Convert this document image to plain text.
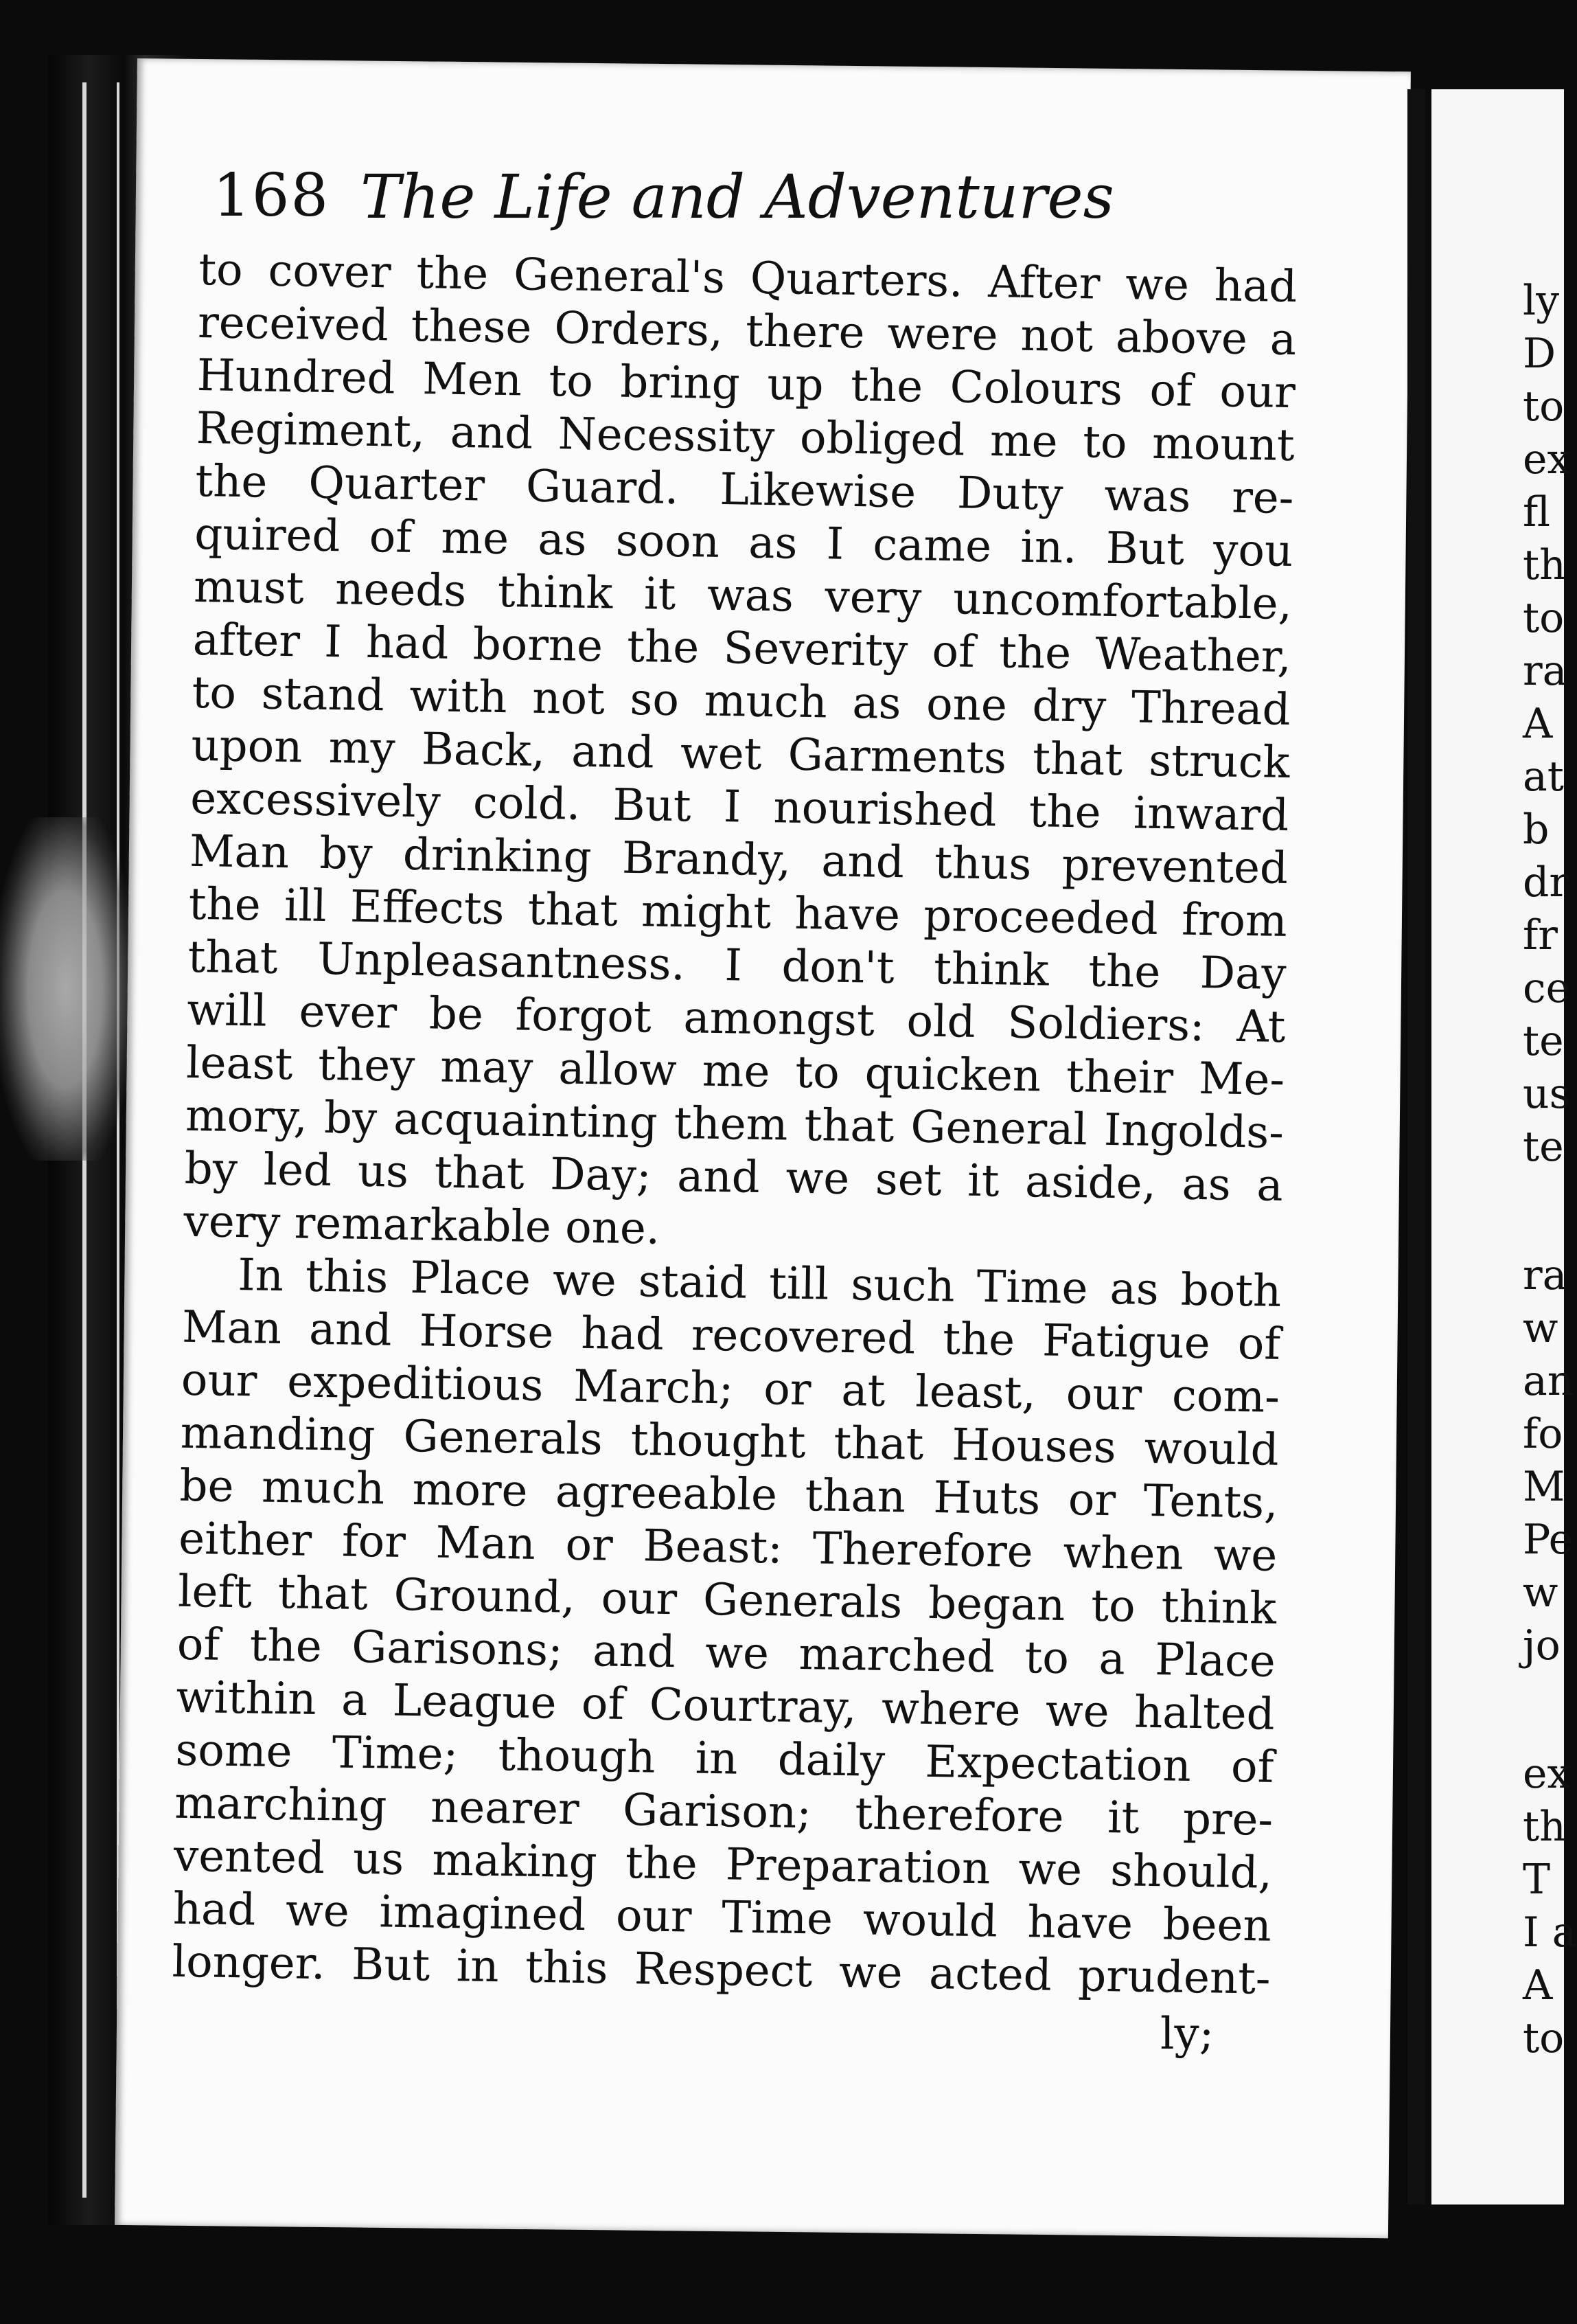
168 The Life and Adventures
to cover the General's Quarters. After we had
received these Orders, there were not above a
Hundred Men to bring up the Colours of our
Regiment, and Necessity obliged me to mount
the Quarter Guard. Likewise Duty was re-
quired of me as soon as I came in. But you
must needs think it was very uncomfortable,
after I had borne the Severity of the Weather,
to stand with not so much as one dry Thread
upon my Back, and wet Garments that struck
excessively cold. But I nourished the inward
Man by drinking Brandy, and thus prevented
the ill Effects that might have proceeded from
that Unpleasantness. I don't think the Day
will ever be forgot amongst old Soldiers: At
least they may allow me to quicken their Me-
mory, by acquainting them that General Ingolds-
by led us that Day; and we set it aside, as a
very remarkable one.
In this Place we staid till such Time as both
Man and Horse had recovered the Fatigue of
our expeditious March; or at least, our com-
manding Generals thought that Houses would
be much more agreeable than Huts or Tents,
either for Man or Beast: Therefore when we
left that Ground, our Generals began to think
of the Garisons; and we marched to a Place
within a League of Courtray, where we halted
some Time; though in daily Expectation of
marching nearer Garison; therefore it pre-
vented us making the Preparation we should,
had we imagined our Time would have been
longer. But in this Respect we acted prudent-
ly;
ly
D
to
ex
fl
th
to
ra
A
at
b
dr
fr
ce
te
us
te
ra
w
an
fo
M
Pe
w
jo
ex
th
T
I a
A
to
